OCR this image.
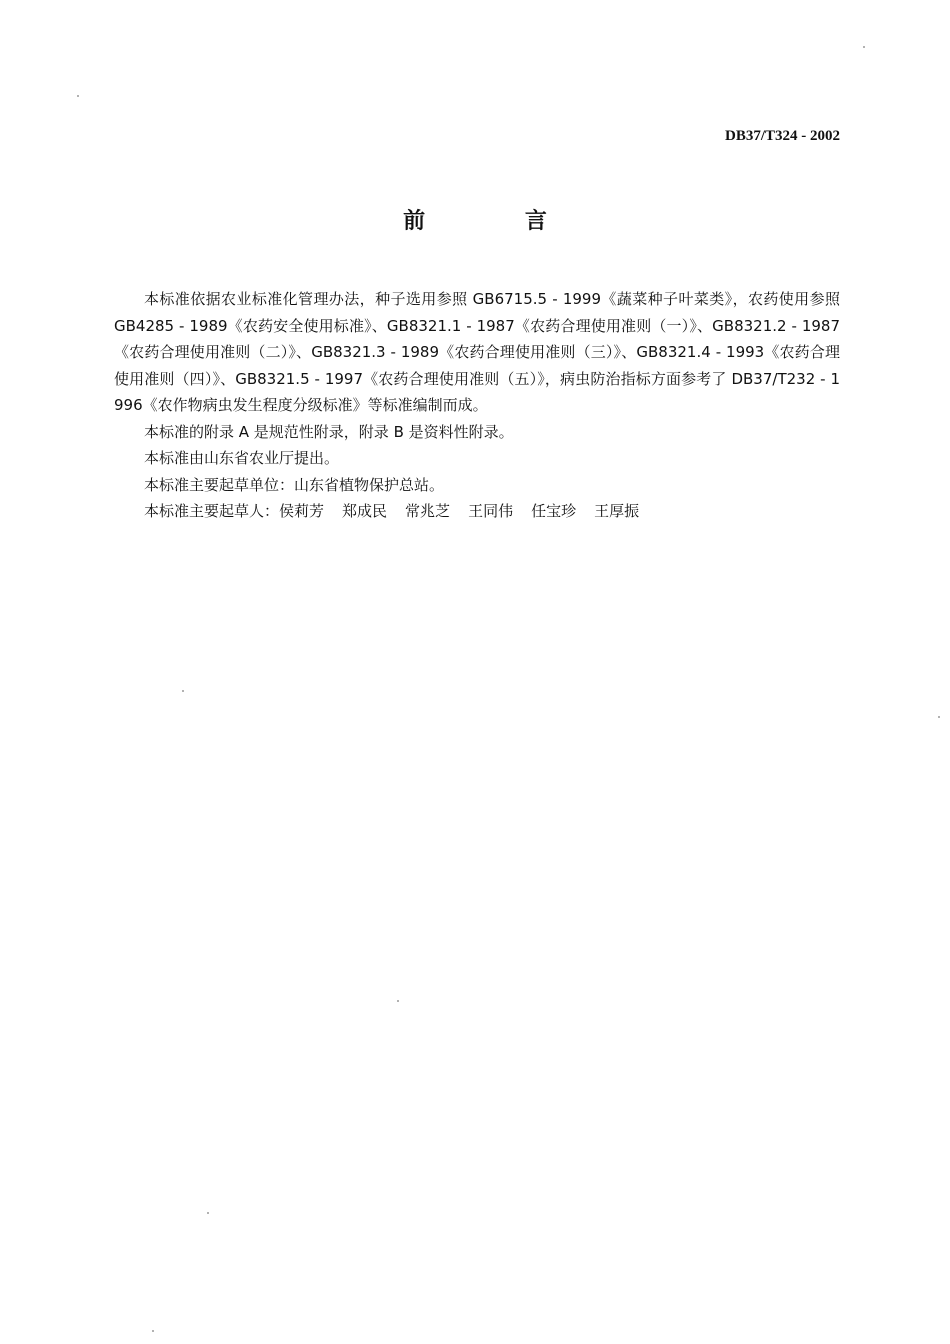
DB37/T324 - 2002
前 言

本标准依据农业标准化管理办法，种子选用参照 GB6715.5 - 1999《蔬菜种子叶菜类》，农药使用参照 GB4285 - 1989《农药安全使用标准》、GB8321.1 - 1987《农药合理使用准则（一）》、GB8321.2 - 1987《农药合理使用准则（二）》、GB8321.3 - 1989《农药合理使用准则（三）》、GB8321.4 - 1993《农药合理使用准则（四）》、GB8321.5 - 1997《农药合理使用准则（五）》，病虫防治指标方面参考了 DB37/T232 - 1996《农作物病虫发生程度分级标准》等标准编制而成。

本标准的附录 A 是规范性附录，附录 B 是资料性附录。

本标准由山东省农业厅提出。

本标准主要起草单位：山东省植物保护总站。

本标准主要起草人：侯莉芳 郑成民 常兆芝 王同伟 任宝珍 王厚振
